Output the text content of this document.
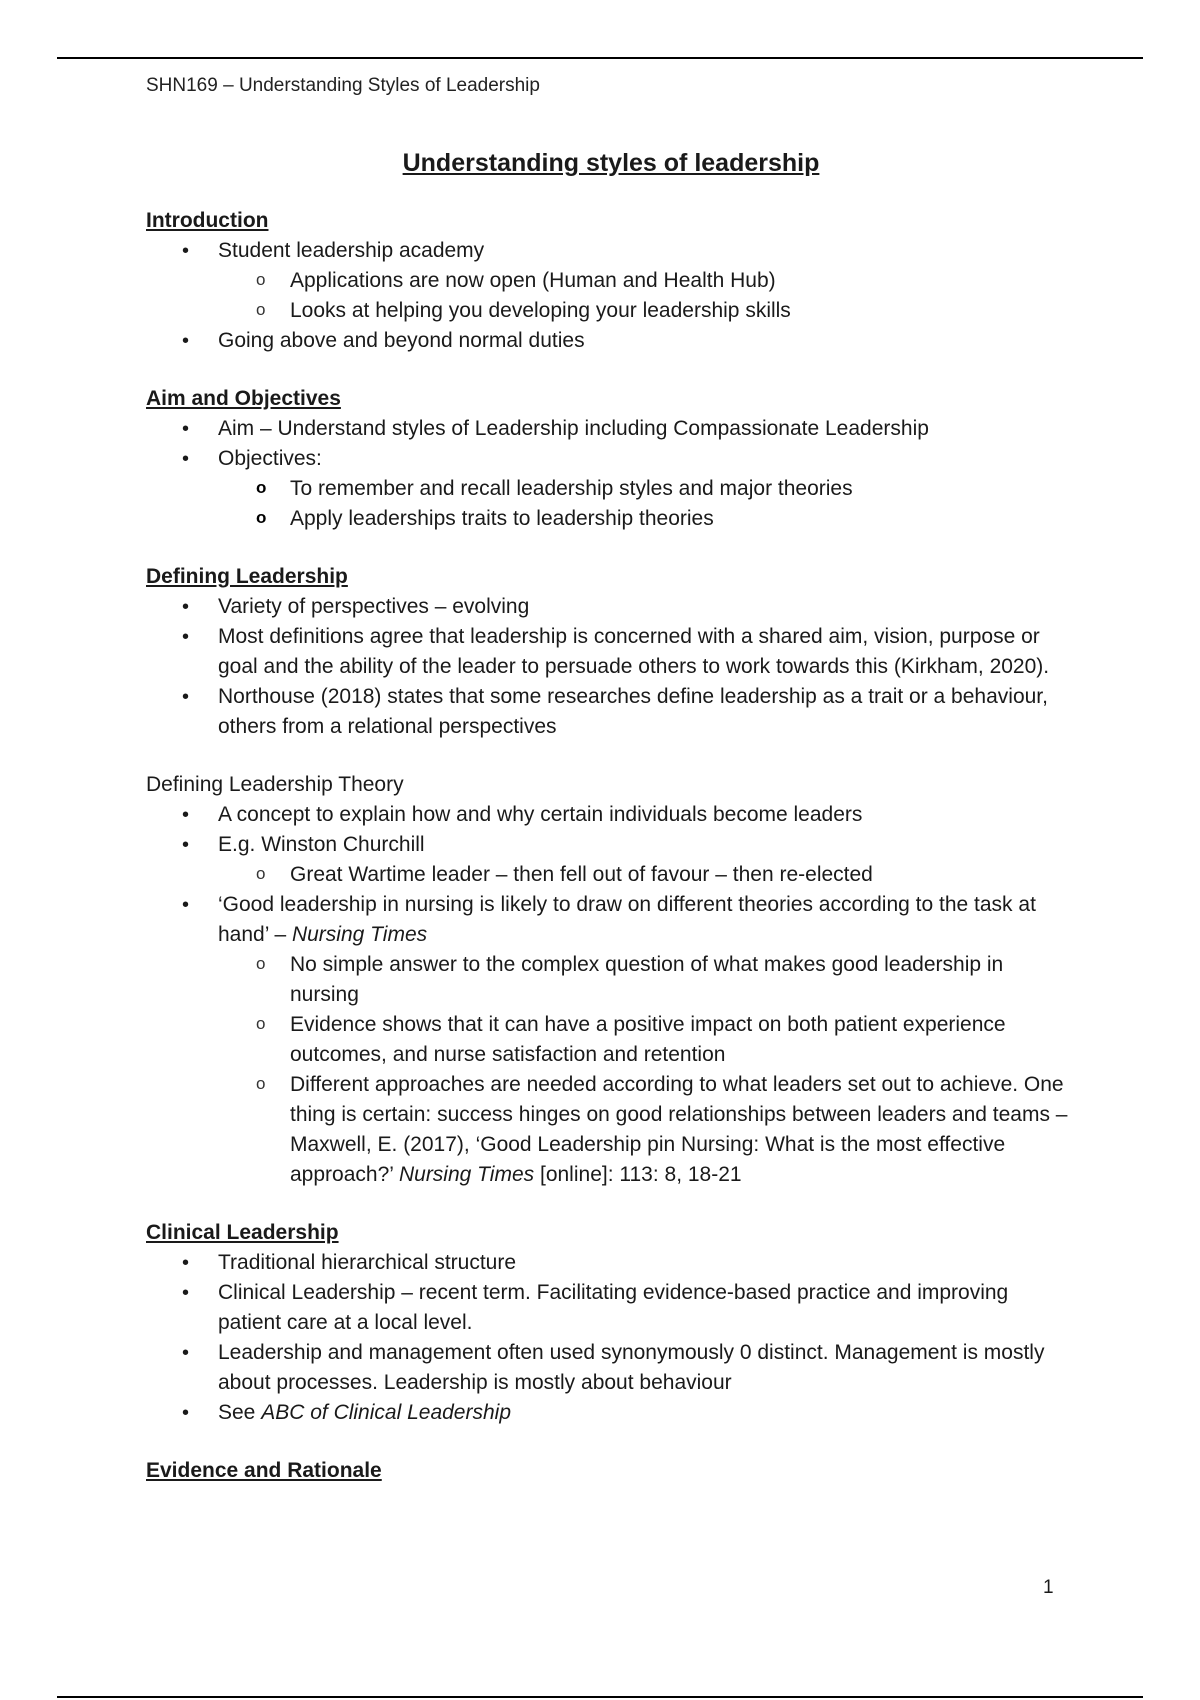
SHN169 – Understanding Styles of Leadership
Understanding styles of leadership
Introduction
• Student leadership academy
o Applications are now open (Human and Health Hub)
o Looks at helping you developing your leadership skills
• Going above and beyond normal duties
Aim and Objectives
• Aim – Understand styles of Leadership including Compassionate Leadership
• Objectives:
o To remember and recall leadership styles and major theories
o Apply leaderships traits to leadership theories
Defining Leadership
• Variety of perspectives – evolving
• Most definitions agree that leadership is concerned with a shared aim, vision, purpose or goal and the ability of the leader to persuade others to work towards this (Kirkham, 2020).
• Northouse (2018) states that some researches define leadership as a trait or a behaviour, others from a relational perspectives
Defining Leadership Theory
• A concept to explain how and why certain individuals become leaders
• E.g. Winston Churchill
o Great Wartime leader – then fell out of favour – then re-elected
• ‘Good leadership in nursing is likely to draw on different theories according to the task at hand’ – Nursing Times
o No simple answer to the complex question of what makes good leadership in nursing
o Evidence shows that it can have a positive impact on both patient experience outcomes, and nurse satisfaction and retention
o Different approaches are needed according to what leaders set out to achieve. One thing is certain: success hinges on good relationships between leaders and teams – Maxwell, E. (2017), ‘Good Leadership pin Nursing: What is the most effective approach?’ Nursing Times [online]: 113: 8, 18-21
Clinical Leadership
• Traditional hierarchical structure
• Clinical Leadership – recent term. Facilitating evidence-based practice and improving patient care at a local level.
• Leadership and management often used synonymously 0 distinct. Management is mostly about processes. Leadership is mostly about behaviour
• See ABC of Clinical Leadership
Evidence and Rationale
1
